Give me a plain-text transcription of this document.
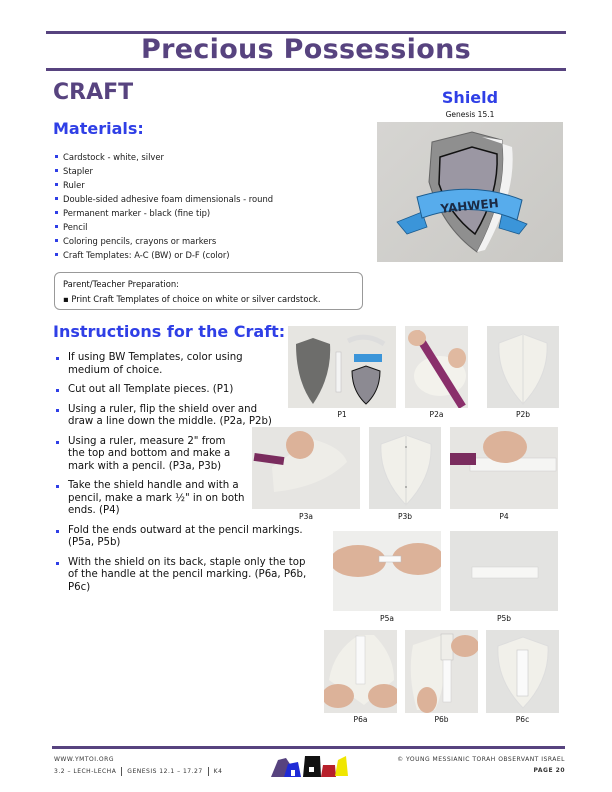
Precious Possessions
CRAFT
Materials:
Cardstock - white, silver
Stapler
Ruler
Double-sided adhesive foam dimensionals - round
Permanent marker - black (fine tip)
Pencil
Coloring pencils, crayons or markers
Craft Templates: A-C (BW) or D-F (color)
Parent/Teacher Preparation:
▪ Print Craft Templates of choice on white or silver cardstock.
Instructions for the Craft:
If using BW Templates, color using medium of choice.
Cut out all Template pieces. (P1)
Using a ruler, flip the shield over and draw a line down the middle. (P2a, P2b)
Using a ruler, measure 2" from the top and bottom and make a mark with a pencil. (P3a, P3b)
Take the shield handle and with a pencil, make a mark ½" in on both ends. (P4)
Fold the ends outward at the pencil markings. (P5a, P5b)
With the shield on its back, staple only the top of the handle at the pencil marking. (P6a, P6b, P6c)
Shield
Genesis 15.1
YAHWEH
P1	P2a	P2b
P3a	P3b	P4
P5a	P5b
P6a	P6b	P6c
WWW.YMTOI.ORG
3.2 – LECH-LECHA GENESIS 12.1 – 17.27 K4
© YOUNG MESSIANIC TORAH OBSERVANT ISRAEL
PAGE 20
